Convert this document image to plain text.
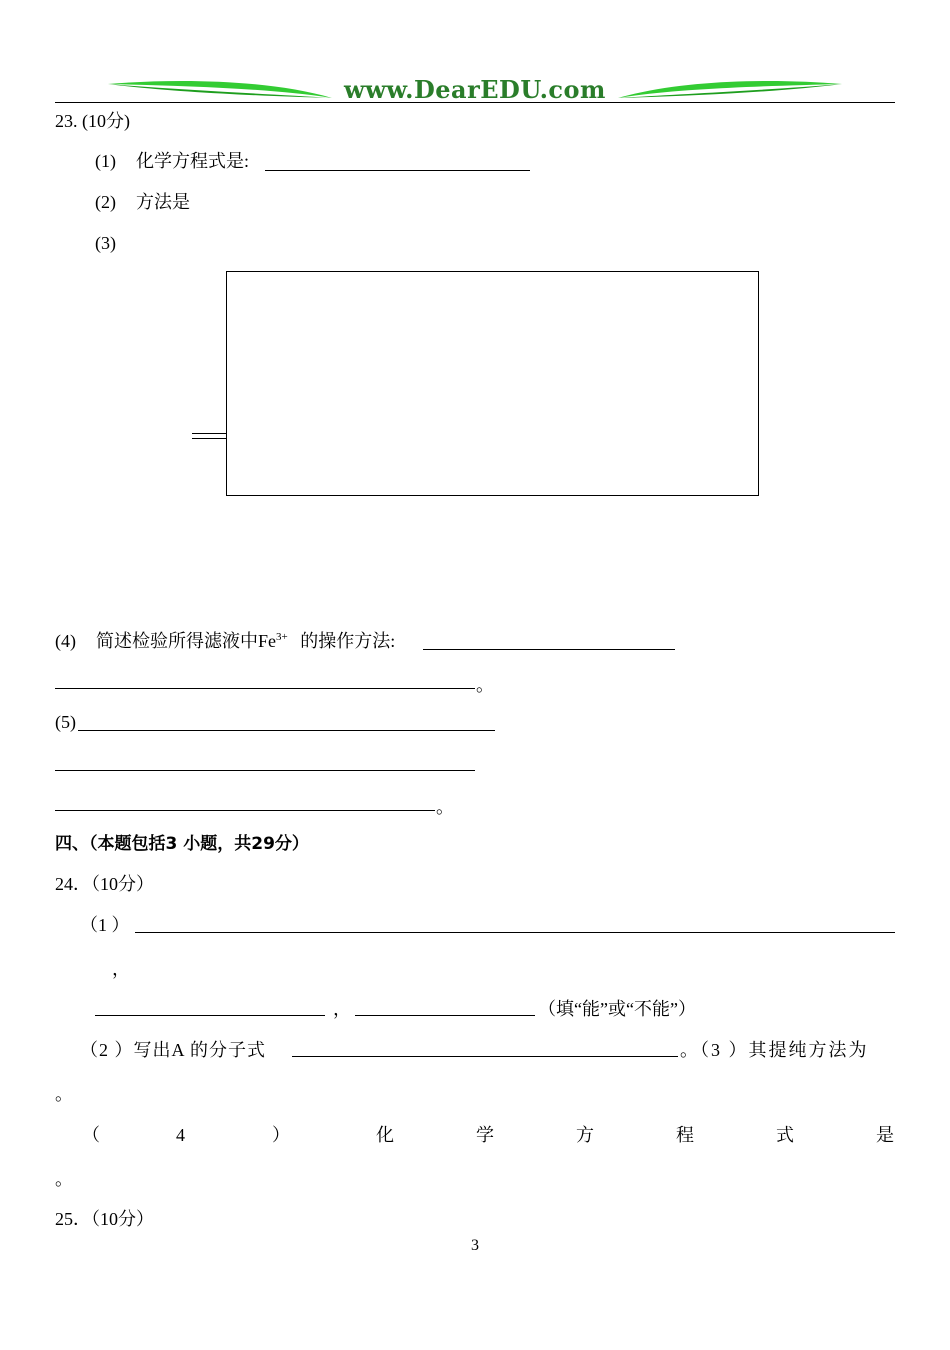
www.DearEDU.com
23. (10分)
(1) 化学方程式是:
(2) 方法是
(3)
(4) 简述检验所得滤液中$Fe^{3+}$ 的操作方法:
。
(5)
。
四、（本题包括3 小题，共29分）
24．（10分）
（1 ）
，
，	（填“能”或“不能”）
（2 ）写出A 的分子式	。（3 ）其提纯方法为
。
（	4	）	化	学	方	程	式	是
。
25．（10分）
3
